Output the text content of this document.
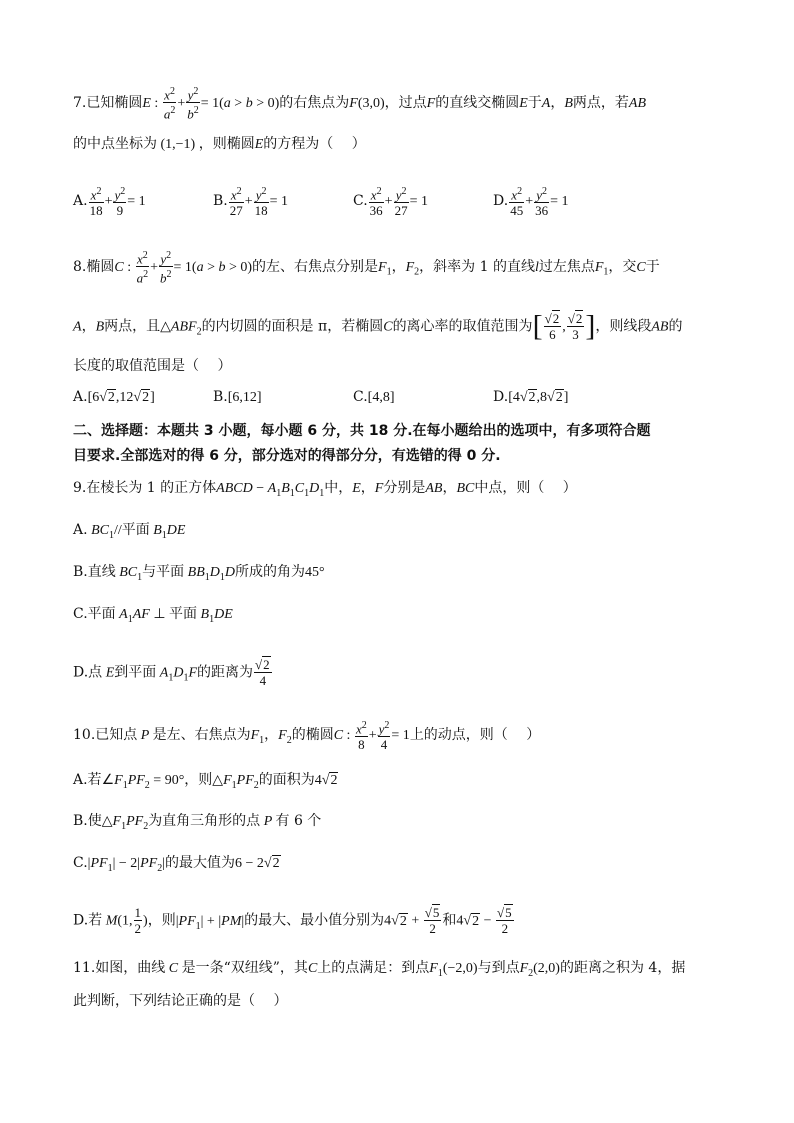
7.已知椭圆E : $\frac{x^2}{a^2} + \frac{y^2}{b^2} = 1(a > b > 0)$的右焦点为F(3,0)，过点F的直线交椭圆E于A，B两点，若AB
的中点坐标为 (1,−1) ，则椭圆E的方程为（　 ）
A. $\frac{x^2}{18} + \frac{y^2}{9} = 1$	B. $\frac{x^2}{27} + \frac{y^2}{18} = 1$	C. $\frac{x^2}{36} + \frac{y^2}{27} = 1$	D. $\frac{x^2}{45} + \frac{y^2}{36} = 1$
8.椭圆C : $\frac{x^2}{a^2} + \frac{y^2}{b^2} = 1(a > b > 0)$的左、右焦点分别是$F_1$，$F_2$，斜率为 1 的直线l过左焦点$F_1$，交C于
A，B两点，且$\triangle ABF_2$的内切圆的面积是 π，若椭圆C的离心率的取值范围为[ $\frac{√2}{6}$ , $\frac{√2}{3}$ ]，则线段AB的
长度的取值范围是（　 ）
A.[6√2,12√2]	B.[6,12]	C.[4,8]	D.[4√2,8√2]
二、选择题：本题共 3 小题，每小题 6 分，共 18 分.在每小题给出的选项中，有多项符合题
目要求.全部选对的得 6 分，部分选对的得部分分，有选错的得 0 分.
9.在棱长为 1 的正方体ABCD − $A_1B_1C_1D_1$中，E，F分别是AB，BC中点，则（　 ）
A. $BC_1//$平面 $B_1DE$
B.直线 $BC_1$与平面 $BB_1D_1D$所成的角为45°
C.平面 $A_1AF$ ⊥ 平面 $B_1DE$
D.点 E到平面 $A_1D_1F$的距离为 $\frac{√2}{4}$
10.已知点 P 是左、右焦点为$F_1$，$F_2$的椭圆C : $\frac{x^2}{8} + \frac{y^2}{4} = 1$上的动点，则（　 ）
A.若$\angle F_1PF_2 = 90^\circ$，则$\triangle F_1PF_2$的面积为4√2
B.使$\triangle F_1PF_2$为直角三角形的点 P 有 6 个
$C.|PF_1| - 2|PF_2|$的最大值为6 − 2√2
D.若 M(1, $\frac{1}{2}$ )，则$|PF_1| + |PM|$的最大、最小值分别为$4√2 + \frac{√5}{2}$ 和$4√2 - \frac{√5}{2}$
11.如图，曲线 C 是一条“双纽线”，其C上的点满足：到点$F_1(-2,0)$与到点$F_2(2,0)$的距离之积为 4，据
此判断，下列结论正确的是（　 ）
